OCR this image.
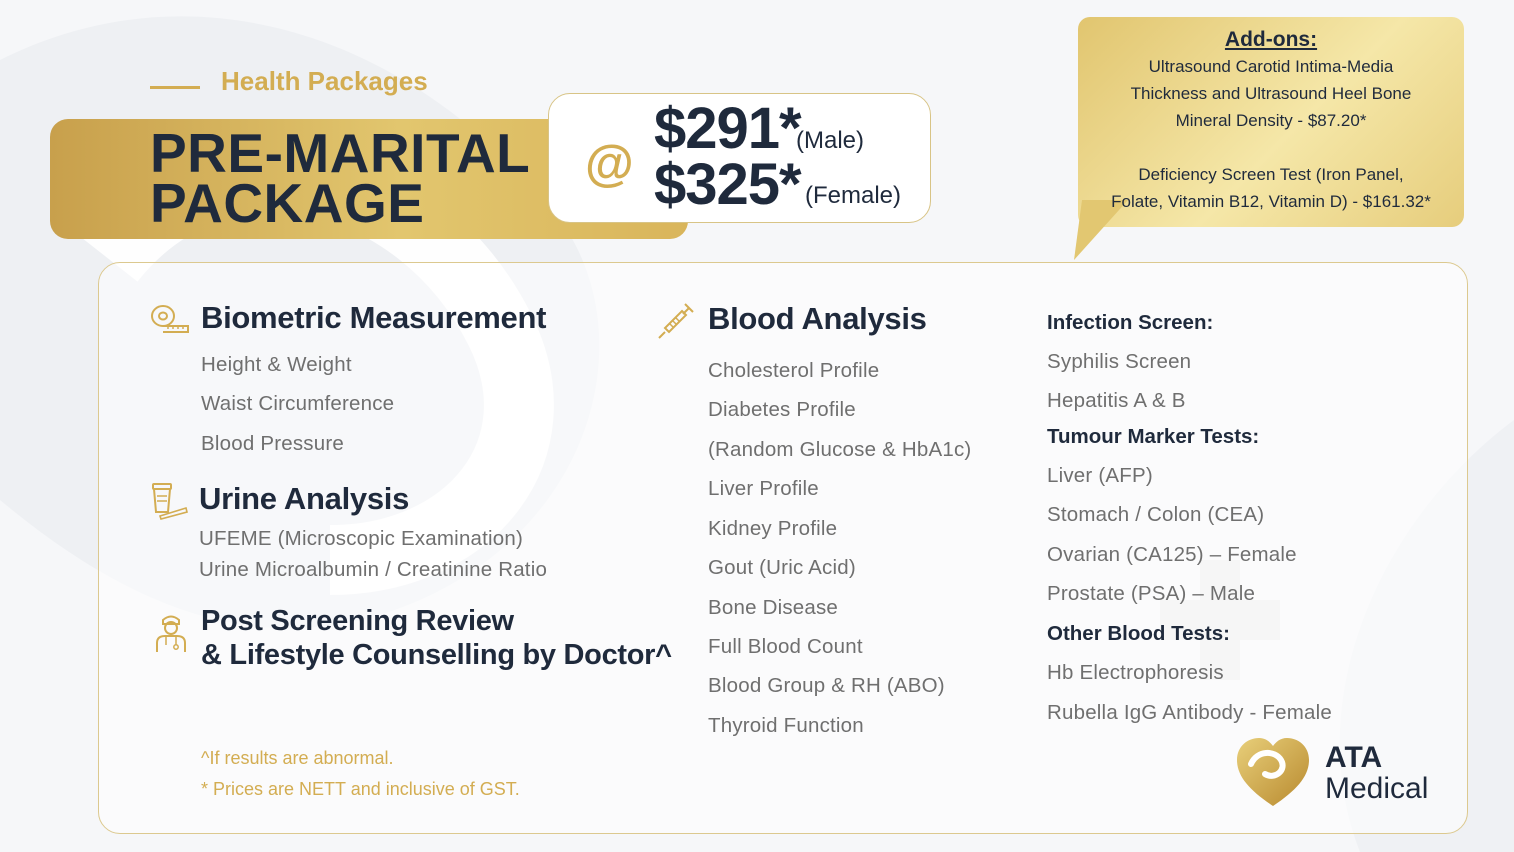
Health Packages
PRE-MARITAL
PACKAGE
@
$291*
(Male)
$325* (Female)
Add-ons:
Ultrasound Carotid Intima-Media
Thickness and Ultrasound Heel Bone
Mineral Density - $87.20*
Deficiency Screen Test (Iron Panel,
Folate, Vitamin B12, Vitamin D) - $161.32*
Biometric Measurement
Height & Weight
Waist Circumference
Blood Pressure
Urine Analysis
UFEME (Microscopic Examination)
Urine Microalbumin / Creatinine Ratio
Post Screening Review
& Lifestyle Counselling by Doctor^
^If results are abnormal.
* Prices are NETT and inclusive of GST.
Blood Analysis
Cholesterol Profile
Diabetes Profile
(Random Glucose & HbA1c)
Liver Profile
Kidney Profile
Gout (Uric Acid)
Bone Disease
Full Blood Count
Blood Group & RH (ABO)
Thyroid Function
Infection Screen:
Syphilis Screen
Hepatitis A & B
Tumour Marker Tests:
Liver (AFP)
Stomach / Colon (CEA)
Ovarian (CA125) – Female
Prostate (PSA) – Male
Other Blood Tests:
Hb Electrophoresis
Rubella IgG Antibody - Female
ATA
Medical
